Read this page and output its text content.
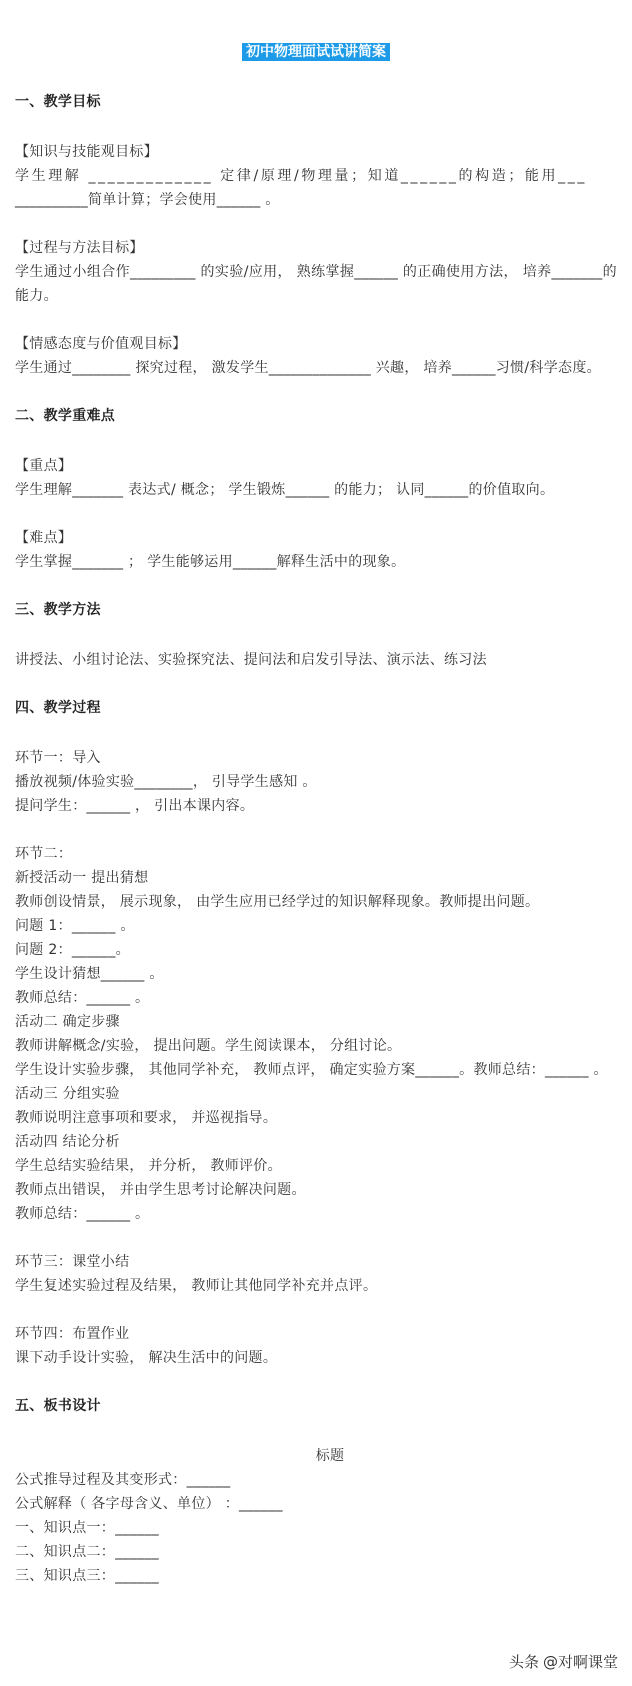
初中物理面试试讲简案
一、教学目标
【知识与技能观目标】
学生理解 _____________ 定律/原理/物理量；知道______的构造；能用___
__________简单计算；学会使用______ 。
【过程与方法目标】
学生通过小组合作_________ 的实验/应用， 熟练掌握______ 的正确使用方法， 培养_______的能力。
【情感态度与价值观目标】
学生通过________ 探究过程， 激发学生______________ 兴趣， 培养______习惯/科学态度。
二、教学重难点
【重点】
学生理解_______ 表达式/ 概念； 学生锻炼______ 的能力； 认同______的价值取向。
【难点】
学生掌握_______ ； 学生能够运用______解释生活中的现象。
三、教学方法
讲授法、小组讨论法、实验探究法、提问法和启发引导法、演示法、练习法
四、教学过程
环节一：导入
播放视频/体验实验________， 引导学生感知 。
提问学生：______ ， 引出本课内容。
环节二：
新授活动一 提出猜想
教师创设情景， 展示现象， 由学生应用已经学过的知识解释现象。教师提出问题。
问题 1：______ 。
问题 2：______。
学生设计猜想______ 。
教师总结：______ 。
活动二 确定步骤
教师讲解概念/实验， 提出问题。学生阅读课本， 分组讨论。
学生设计实验步骤， 其他同学补充， 教师点评， 确定实验方案______。教师总结：______ 。
活动三 分组实验
教师说明注意事项和要求， 并巡视指导。
活动四 结论分析
学生总结实验结果， 并分析， 教师评价。
教师点出错误， 并由学生思考讨论解决问题。
教师总结：______ 。
环节三：课堂小结
学生复述实验过程及结果， 教师让其他同学补充并点评。
环节四：布置作业
课下动手设计实验， 解决生活中的问题。
五、板书设计
标题
公式推导过程及其变形式：______
公式解释（ 各字母含义、单位） ：______
一、知识点一：______
二、知识点二：______
三、知识点三：______
头条 @对啊课堂
